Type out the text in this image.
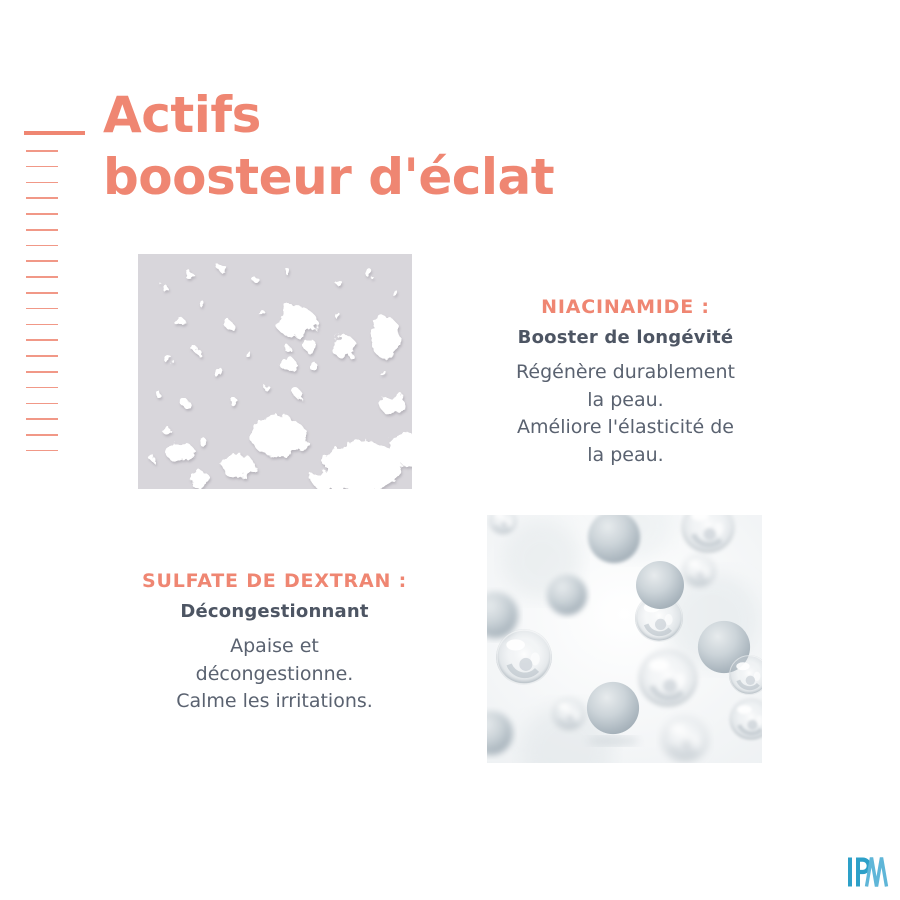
Actifs
boosteur d'éclat
NIACINAMIDE :
Booster de longévité

Régénère durablement

la peau.

Améliore l'élasticité de

la peau.

SULFATE DE DEXTRAN :
Décongestionnant

Apaise et

décongestionne.

Calme les irritations.
